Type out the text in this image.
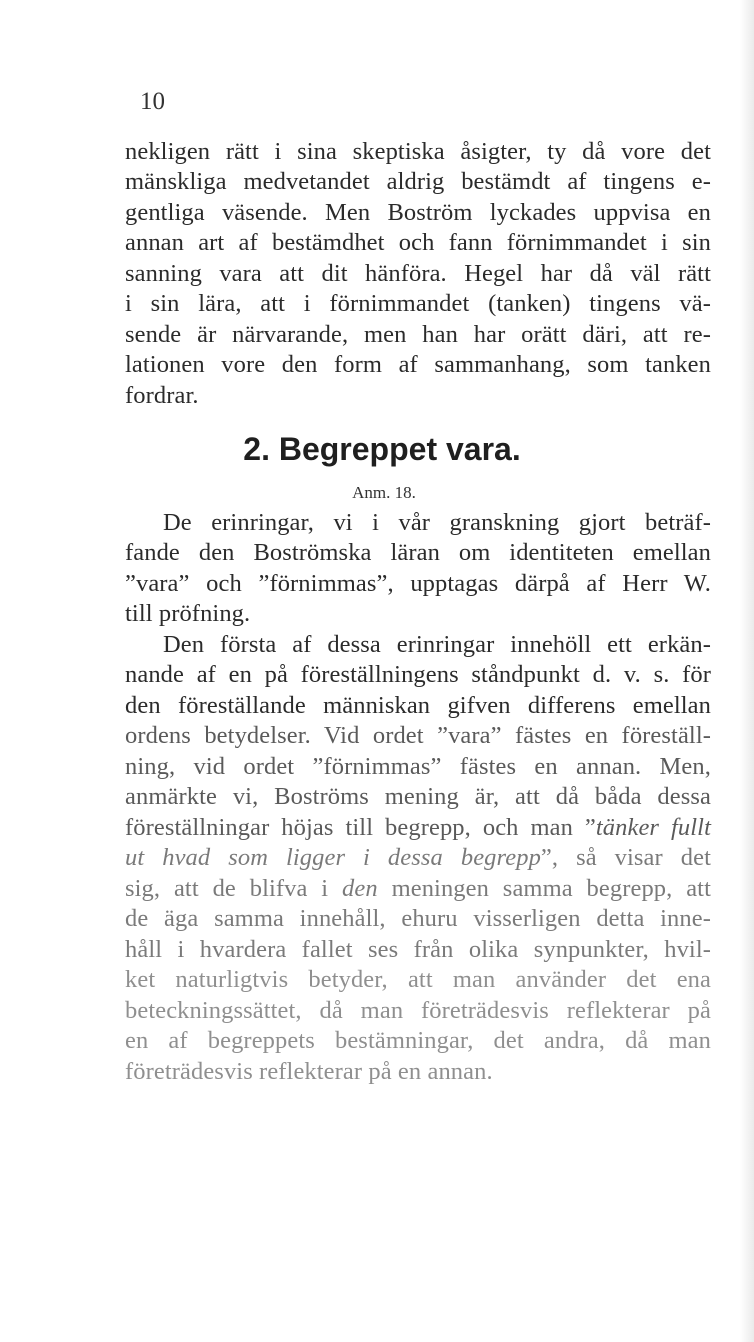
10
nekligen rätt i sina skeptiska åsigter, ty då vore det
mänskliga medvetandet aldrig bestämdt af tingens e-
gentliga väsende. Men Boström lyckades uppvisa en
annan art af bestämdhet och fann förnimmandet i sin
sanning vara att dit hänföra. Hegel har då väl rätt
i sin lära, att i förnimmandet (tanken) tingens vä-
sende är närvarande, men han har orätt däri, att re-
lationen vore den form af sammanhang, som tanken
fordrar.
2. Begreppet vara.
Anm. 18.
De erinringar, vi i vår granskning gjort beträf-
fande den Boströmska läran om identiteten emellan
”vara” och ”förnimmas”, upptagas därpå af Herr W.
till pröfning.
Den första af dessa erinringar innehöll ett erkän-
nande af en på föreställningens ståndpunkt d. v. s. för
den föreställande människan gifven differens emellan
ordens betydelser. Vid ordet ”vara” fästes en föreställ-
ning, vid ordet ”förnimmas” fästes en annan. Men,
anmärkte vi, Boströms mening är, att då båda dessa
föreställningar höjas till begrepp, och man ”tänker fullt
ut hvad som ligger i dessa begrepp”, så visar det
sig, att de blifva i den meningen samma begrepp, att
de äga samma innehåll, ehuru visserligen detta inne-
håll i hvardera fallet ses från olika synpunkter, hvil-
ket naturligtvis betyder, att man använder det ena
beteckningssättet, då man företrädesvis reflekterar på
en af begreppets bestämningar, det andra, då man
företrädesvis reflekterar på en annan.
